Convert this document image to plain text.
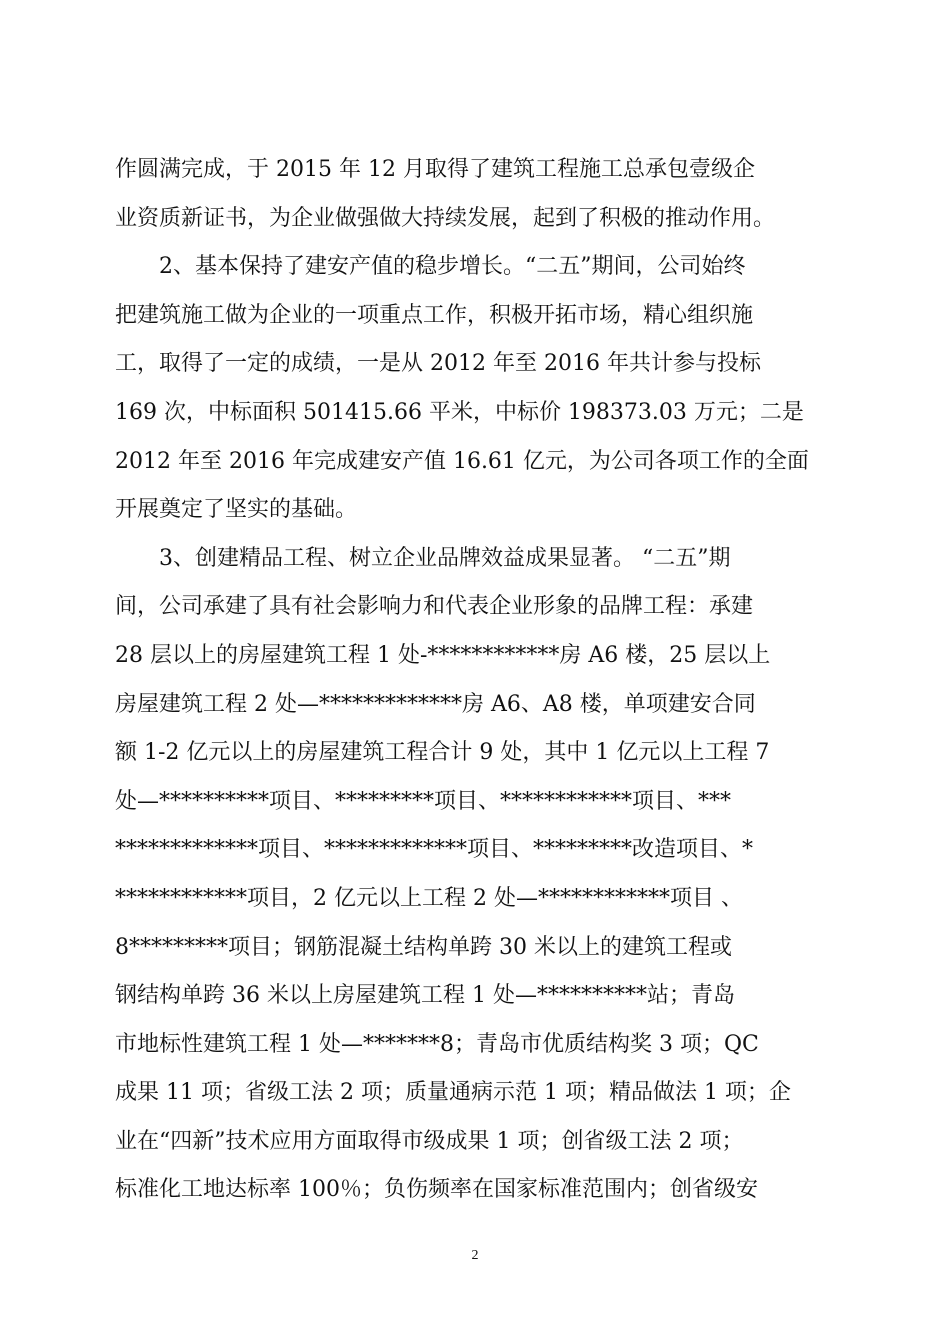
作圆满完成，于 2015 年 12 月取得了建筑工程施工总承包壹级企
业资质新证书，为企业做强做大持续发展，起到了积极的推动作用。
　　2、基本保持了建安产值的稳步增长。“二五”期间，公司始终
把建筑施工做为企业的一项重点工作，积极开拓市场，精心组织施
工，取得了一定的成绩，一是从 2012 年至 2016 年共计参与投标
169 次，中标面积 501415.66 平米，中标价 198373.03 万元；二是
2012 年至 2016 年完成建安产值 16.61 亿元，为公司各项工作的全面
开展奠定了坚实的基础。
　　3、创建精品工程、树立企业品牌效益成果显著。 “二五”期
间，公司承建了具有社会影响力和代表企业形象的品牌工程：承建
28 层以上的房屋建筑工程 1 处-************房 A6 楼，25 层以上
房屋建筑工程 2 处—*************房 A6、A8 楼，单项建安合同
额 1-2 亿元以上的房屋建筑工程合计 9 处，其中 1 亿元以上工程 7
处—**********项目、*********项目、************项目、***
*************项目、*************项目、*********改造项目、*
************项目，2 亿元以上工程 2 处—************项目 、
8*********项目；钢筋混凝土结构单跨 30 米以上的建筑工程或
钢结构单跨 36 米以上房屋建筑工程 1 处—**********站；青岛
市地标性建筑工程 1 处—*******8；青岛市优质结构奖 3 项；QC
成果 11 项；省级工法 2 项；质量通病示范 1 项；精品做法 1 项；企
业在“四新”技术应用方面取得市级成果 1 项；创省级工法 2 项；
标准化工地达标率 100％；负伤频率在国家标准范围内；创省级安
2
